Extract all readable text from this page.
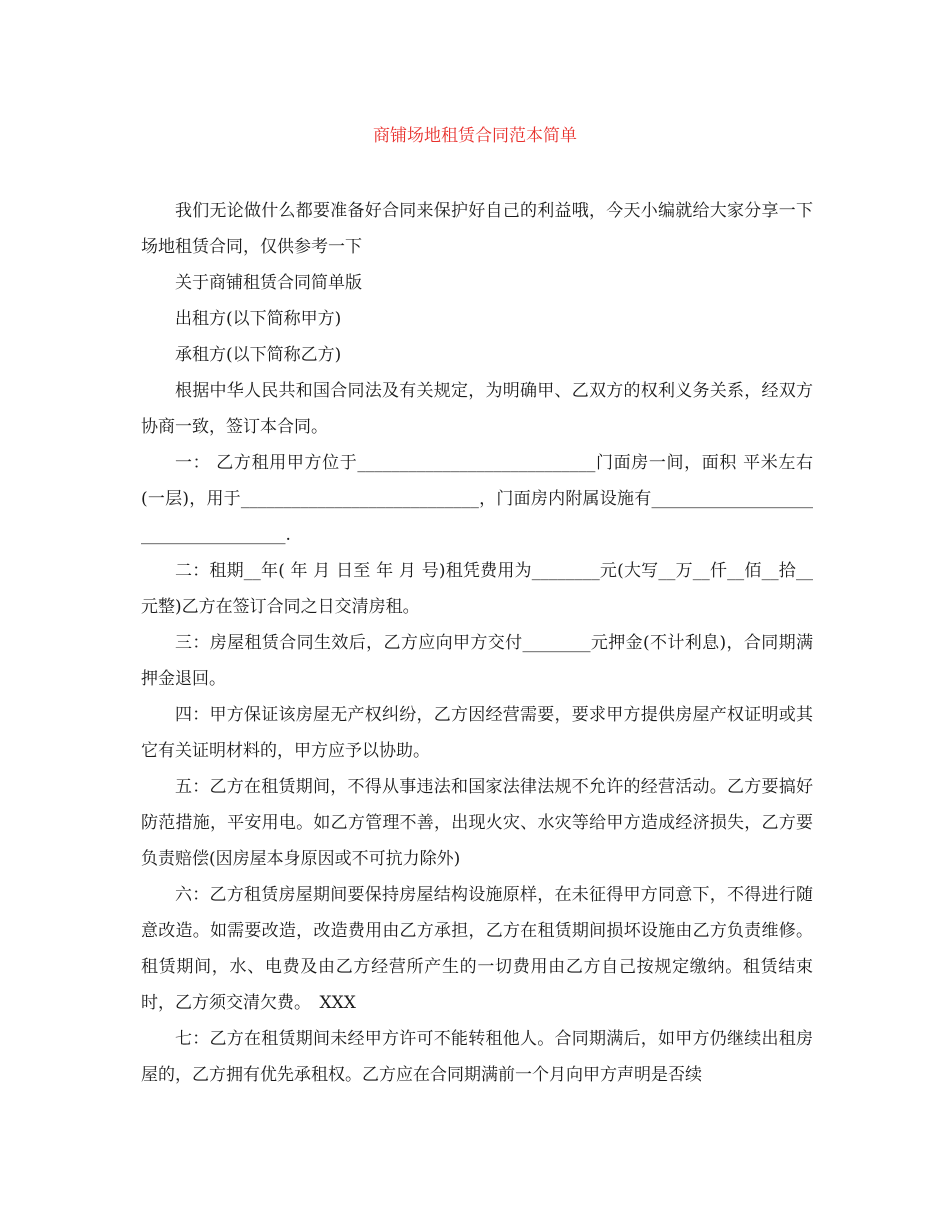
商铺场地租赁合同范本简单

我们无论做什么都要准备好合同来保护好自己的利益哦，今天小编就给大家分享一下场地租赁合同，仅供参考一下

关于商铺租赁合同简单版

出租方(以下简称甲方)

承租方(以下简称乙方)

根据中华人民共和国合同法及有关规定，为明确甲、乙双方的权利义务关系，经双方协商一致，签订本合同。

一： 乙方租用甲方位于____________________________门面房一间，面积 平米左右(一层)，用于____________________________，门面房内附属设施有____________________________________.

二：租期__年( 年 月 日至 年 月 号)租凭费用为________元(大写__万__仟__佰__拾__元整)乙方在签订合同之日交清房租。

三：房屋租赁合同生效后，乙方应向甲方交付________元押金(不计利息)，合同期满押金退回。

四：甲方保证该房屋无产权纠纷，乙方因经营需要，要求甲方提供房屋产权证明或其它有关证明材料的，甲方应予以协助。

五：乙方在租赁期间，不得从事违法和国家法律法规不允许的经营活动。乙方要搞好防范措施，平安用电。如乙方管理不善，出现火灾、水灾等给甲方造成经济损失，乙方要负责赔偿(因房屋本身原因或不可抗力除外)

六：乙方租赁房屋期间要保持房屋结构设施原样，在未征得甲方同意下，不得进行随意改造。如需要改造，改造费用由乙方承担，乙方在租赁期间损坏设施由乙方负责维修。租赁期间，水、电费及由乙方经营所产生的一切费用由乙方自己按规定缴纳。租赁结束时，乙方须交清欠费。　XXX

七：乙方在租赁期间未经甲方许可不能转租他人。合同期满后，如甲方仍继续出租房屋的，乙方拥有优先承租权。乙方应在合同期满前一个月向甲方声明是否续
